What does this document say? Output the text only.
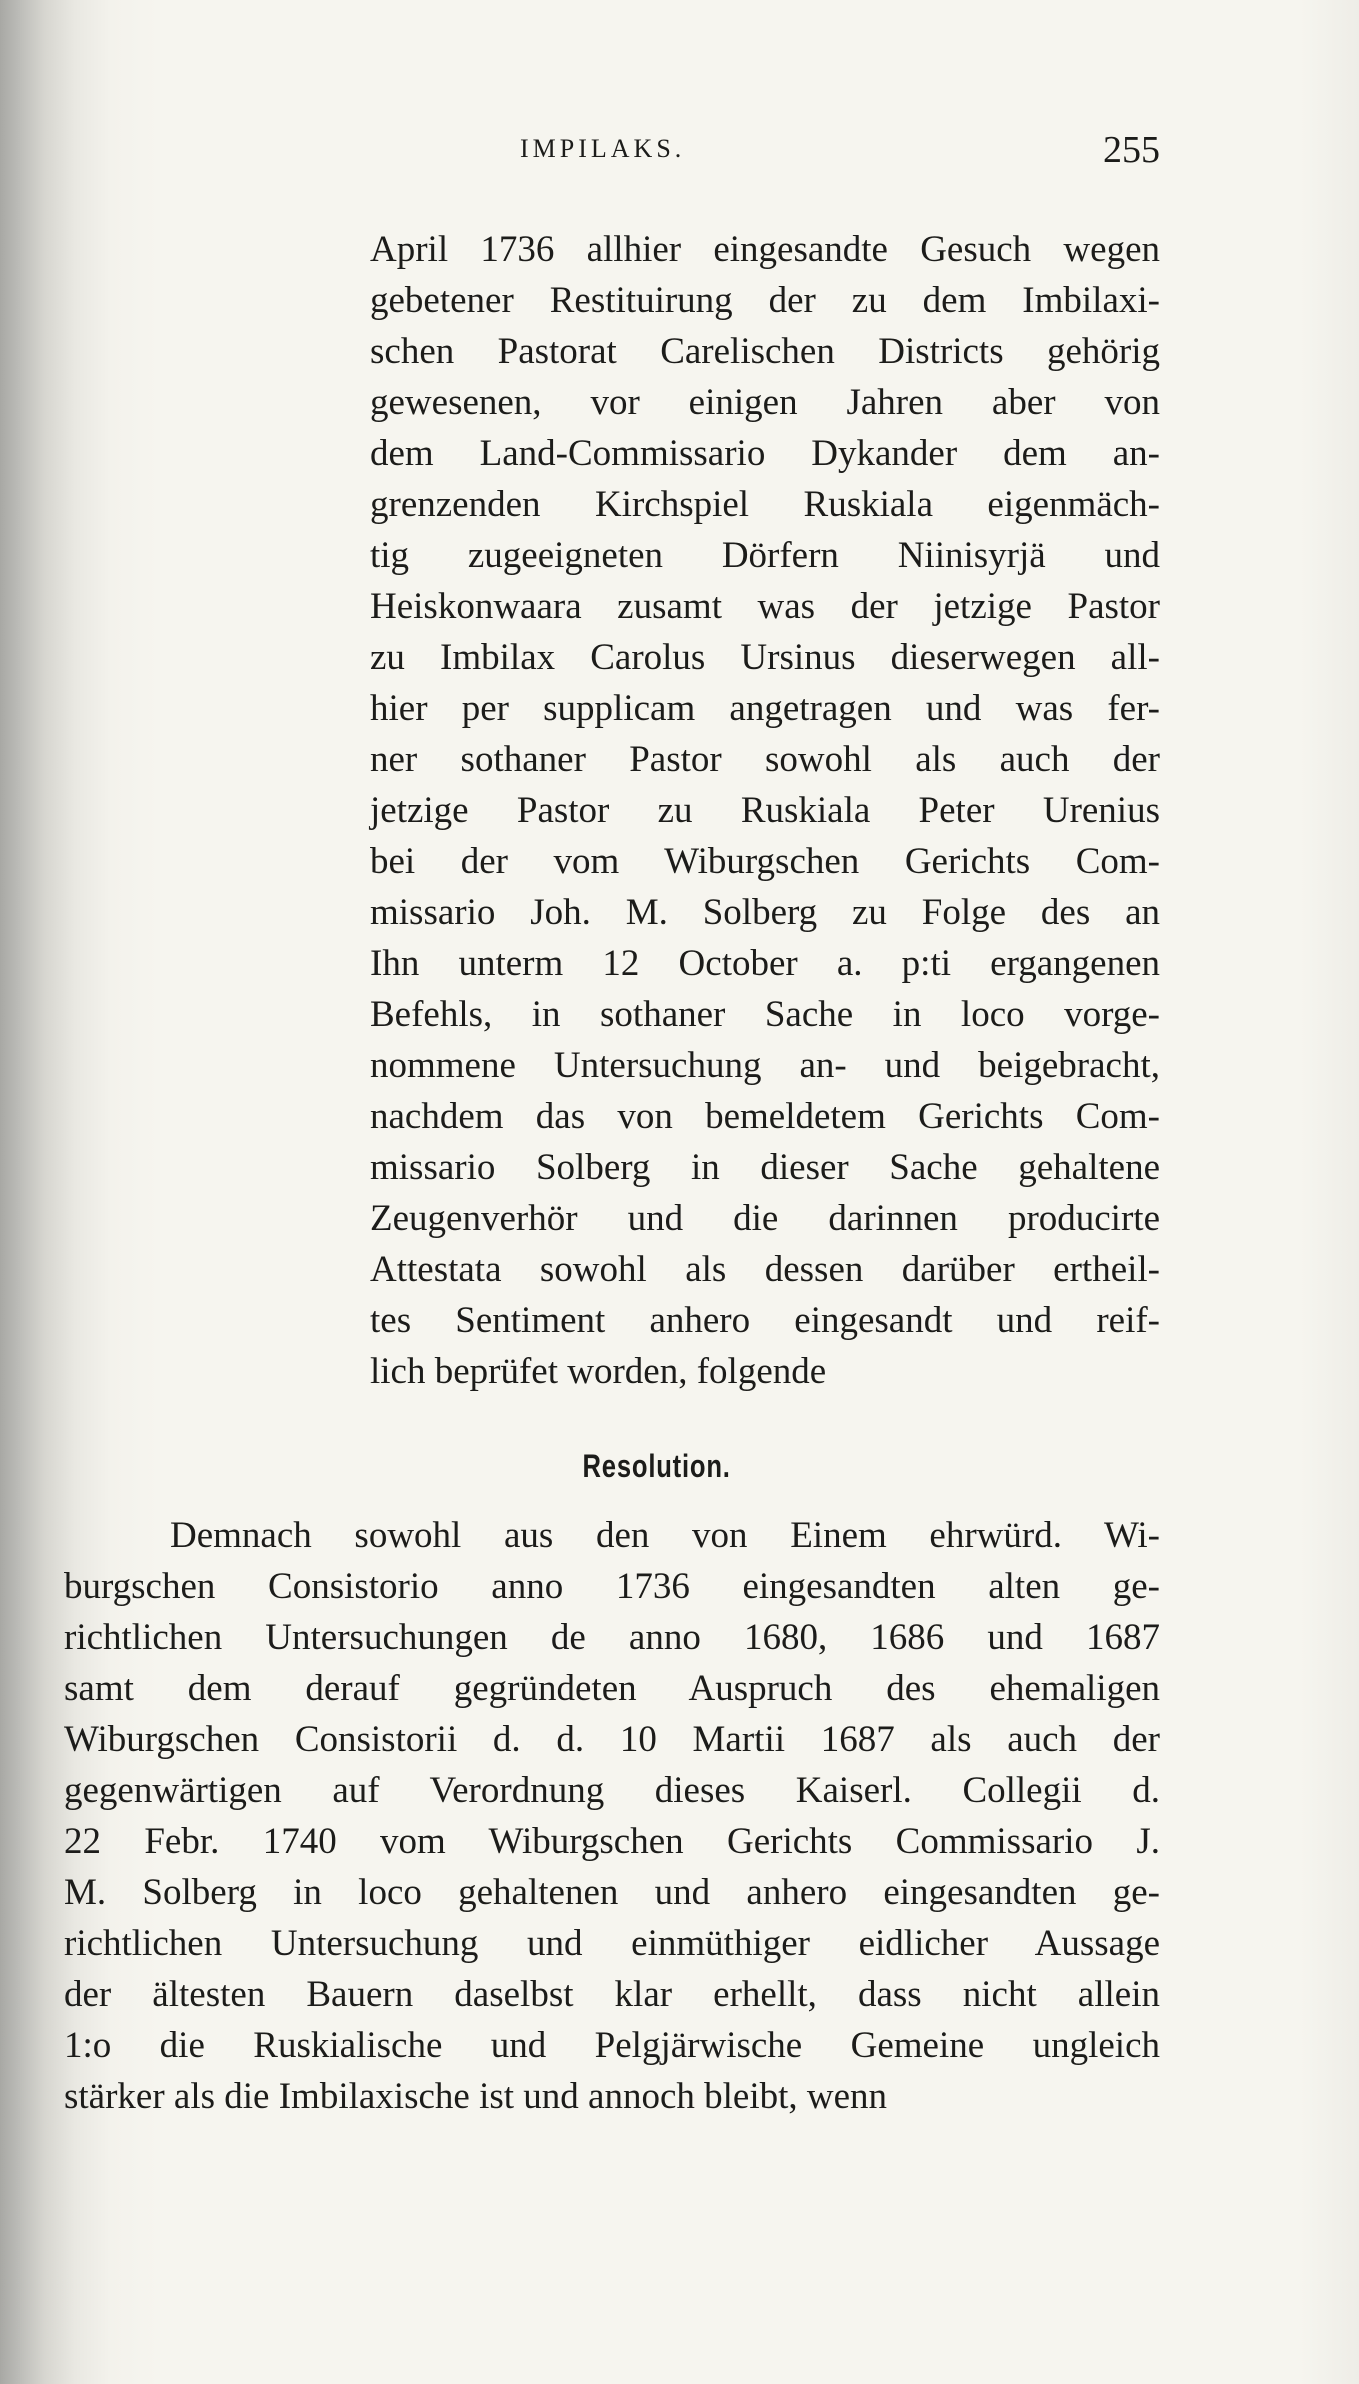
IMPILAKS.	255
April 1736 allhier eingesandte Gesuch wegen
gebetener Restituirung der zu dem Imbilaxi-
schen Pastorat Carelischen Districts gehörig
gewesenen, vor einigen Jahren aber von
dem Land-Commissario Dykander dem an-
grenzenden Kirchspiel Ruskiala eigenmäch-
tig zugeeigneten Dörfern Niinisyrjä und
Heiskonwaara zusamt was der jetzige Pastor
zu Imbilax Carolus Ursinus dieserwegen all-
hier per supplicam angetragen und was fer-
ner sothaner Pastor sowohl als auch der
jetzige Pastor zu Ruskiala Peter Urenius
bei der vom Wiburgschen Gerichts Com-
missario Joh. M. Solberg zu Folge des an
Ihn unterm 12 October a. p:ti ergangenen
Befehls, in sothaner Sache in loco vorge-
nommene Untersuchung an- und beigebracht,
nachdem das von bemeldetem Gerichts Com-
missario Solberg in dieser Sache gehaltene
Zeugenverhör und die darinnen producirte
Attestata sowohl als dessen darüber ertheil-
tes Sentiment anhero eingesandt und reif-
lich beprüfet worden, folgende
Resolution.
Demnach sowohl aus den von Einem ehrwürd. Wi-
burgschen Consistorio anno 1736 eingesandten alten ge-
richtlichen Untersuchungen de anno 1680, 1686 und 1687
samt dem derauf gegründeten Auspruch des ehemaligen
Wiburgschen Consistorii d. d. 10 Martii 1687 als auch der
gegenwärtigen auf Verordnung dieses Kaiserl. Collegii d.
22 Febr. 1740 vom Wiburgschen Gerichts Commissario J.
M. Solberg in loco gehaltenen und anhero eingesandten ge-
richtlichen Untersuchung und einmüthiger eidlicher Aussage
der ältesten Bauern daselbst klar erhellt, dass nicht allein
1:o die Ruskialische und Pelgjärwische Gemeine ungleich
stärker als die Imbilaxische ist und annoch bleibt, wenn
